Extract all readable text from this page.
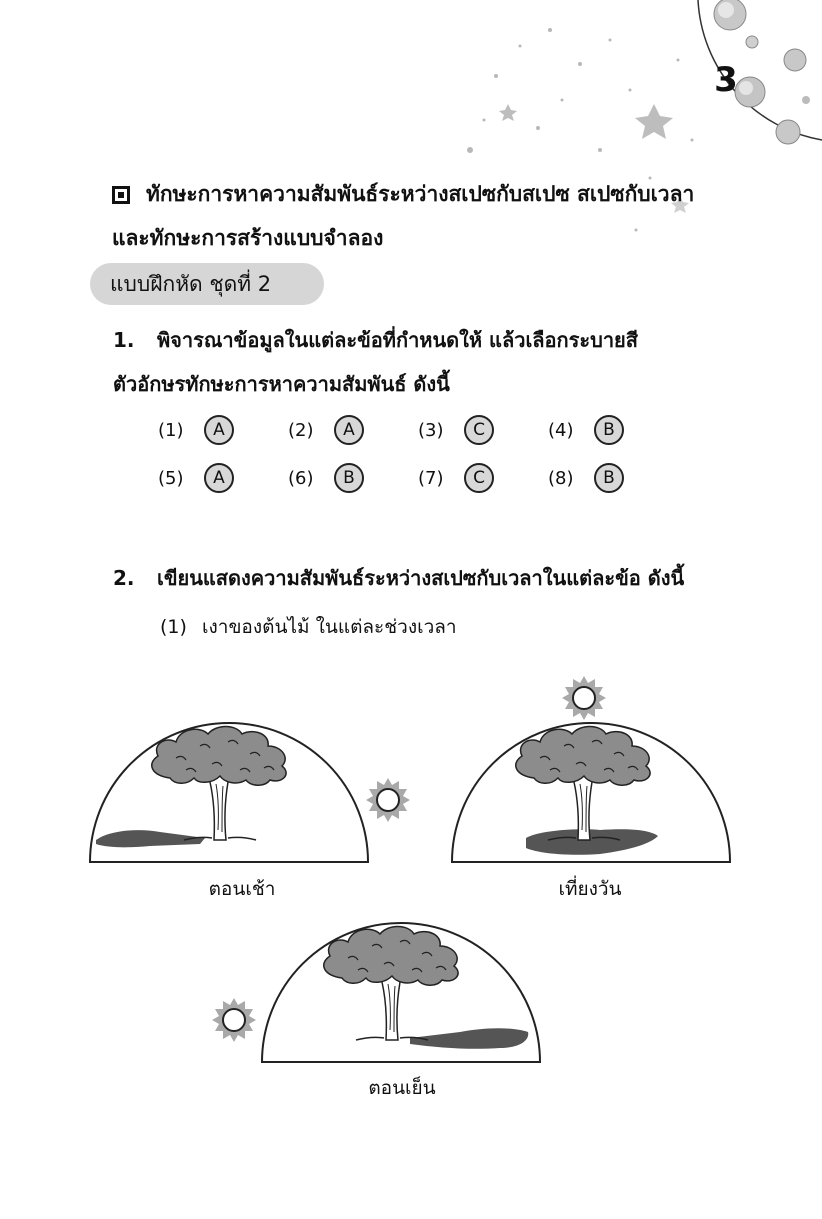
3
ทักษะการหาความสัมพันธ์ระหว่างสเปซกับสเปซ สเปซกับเวลา
และทักษะการสร้างแบบจำลอง
แบบฝึกหัด ชุดที่ 2
1. พิจารณาข้อมูลในแต่ละข้อที่กำหนดให้ แล้วเลือกระบายสี
ตัวอักษรทักษะการหาความสัมพันธ์ ดังนี้
(1)	A	(2)	A	(3)	C	(4)	B
(5)	A	(6)	B	(7)	C	(8)	B
2. เขียนแสดงความสัมพันธ์ระหว่างสเปซกับเวลาในแต่ละข้อ ดังนี้
(1) เงาของต้นไม้ ในแต่ละช่วงเวลา
ตอนเช้า	เที่ยงวัน
ตอนเย็น
